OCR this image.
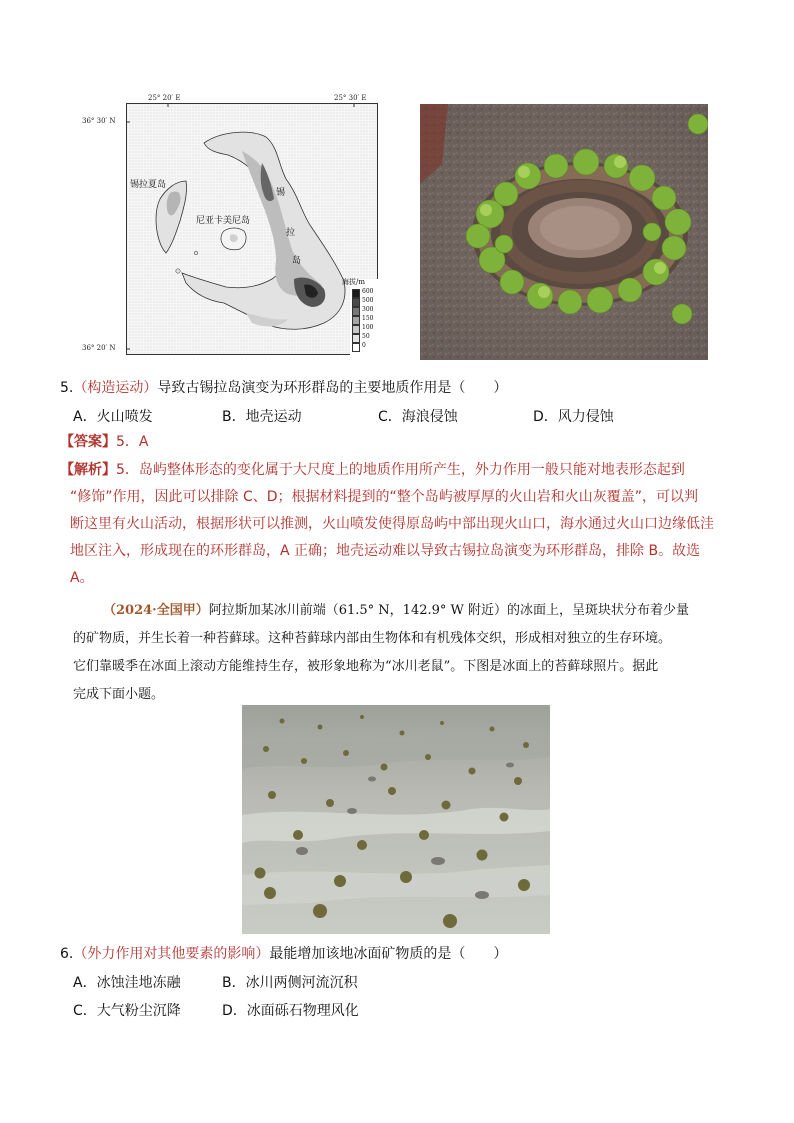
25° 20′ E	25° 30′ E
36° 30′ N
36° 20′ N
锡拉夏岛
尼亚卡美尼岛
锡
拉
岛
海拔/m
600
500
300
150
100
50
0
5.（构造运动）导致古锡拉岛演变为环形群岛的主要地质作用是（　　）
A．火山喷发	B．地壳运动	C．海浪侵蚀	D．风力侵蚀
【答案】5．A
【解析】5．岛屿整体形态的变化属于大尺度上的地质作用所产生，外力作用一般只能对地表形态起到
“修饰”作用，因此可以排除 C、D；根据材料提到的“整个岛屿被厚厚的火山岩和火山灰覆盖”，可以判
断这里有火山活动，根据形状可以推测，火山喷发使得原岛屿中部出现火山口，海水通过火山口边缘低洼
地区注入，形成现在的环形群岛，A 正确；地壳运动难以导致古锡拉岛演变为环形群岛，排除 B。故选
A。
（2024·全国甲）阿拉斯加某冰川前端（61.5° N，142.9° W 附近）的冰面上，呈斑块状分布着少量
的矿物质，并生长着一种苔藓球。这种苔藓球内部由生物体和有机残体交织，形成相对独立的生存环境。
它们靠暖季在冰面上滚动方能维持生存，被形象地称为“冰川老鼠”。下图是冰面上的苔藓球照片。据此
完成下面小题。
6.（外力作用对其他要素的影响）最能增加该地冰面矿物质的是（　　）
A．冰蚀洼地冻融	B．冰川两侧河流沉积
C．大气粉尘沉降	D．冰面砾石物理风化
